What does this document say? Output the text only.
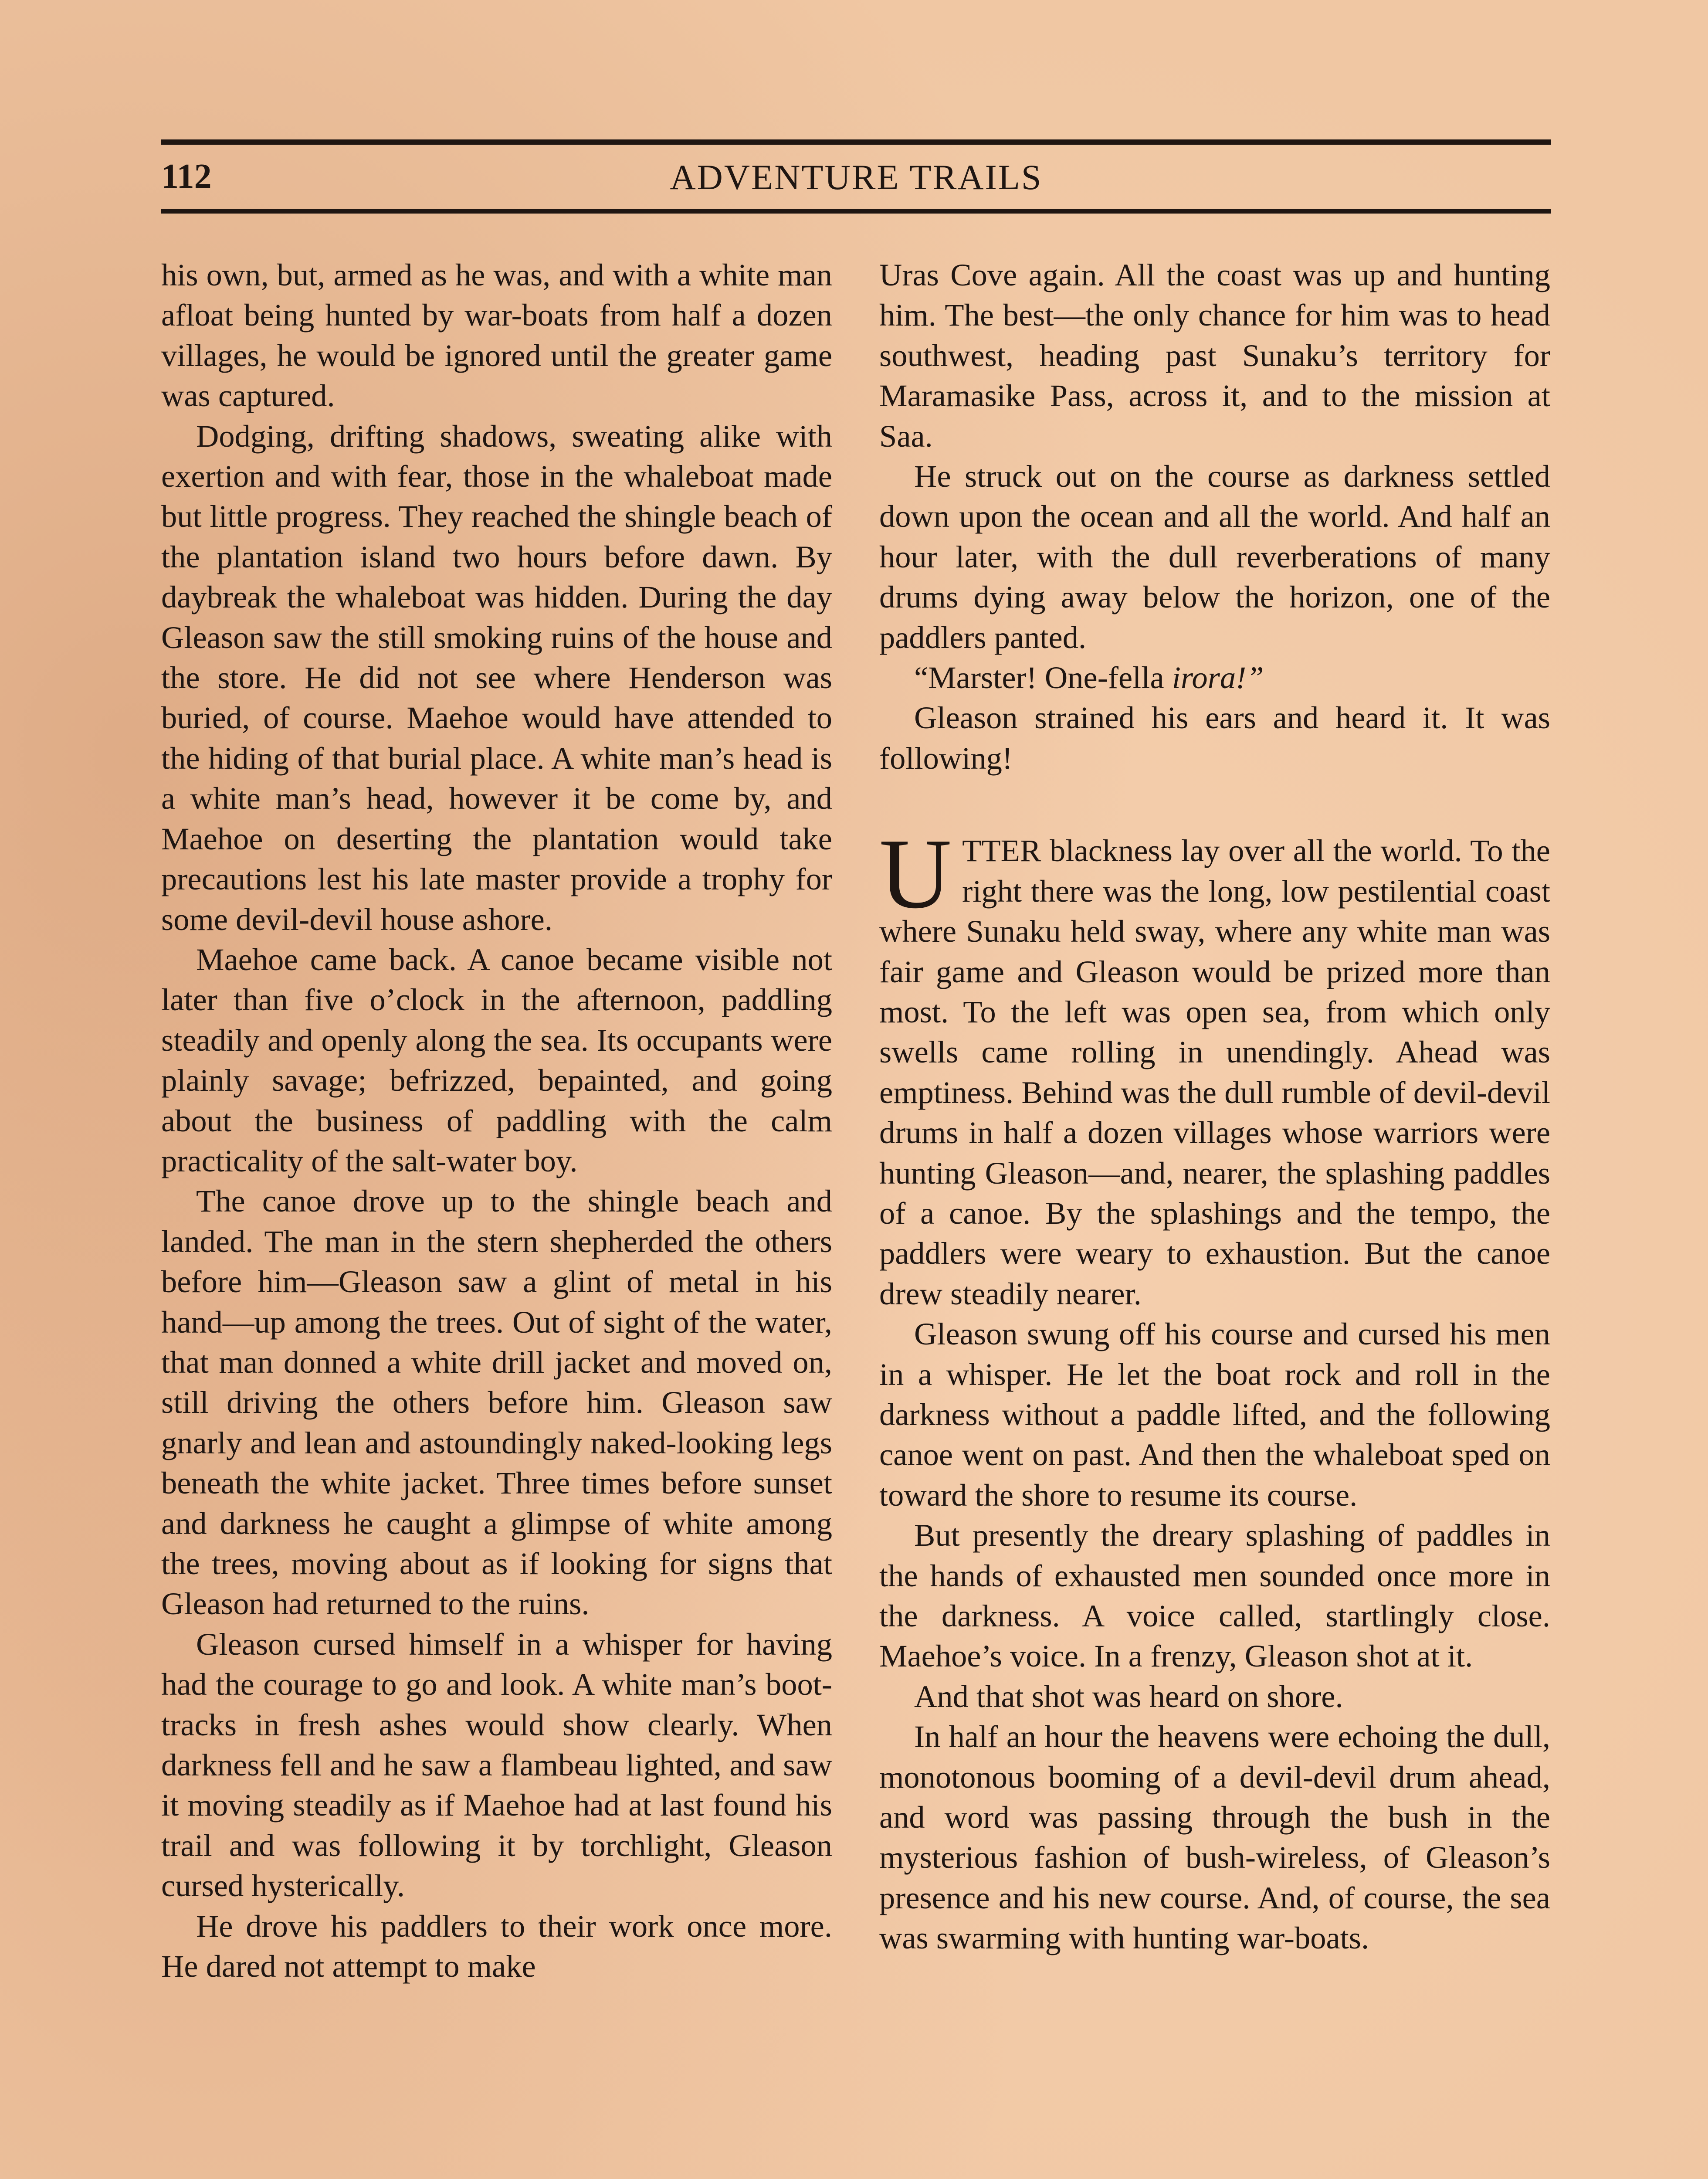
112	ADVENTURE TRAILS

his own, but, armed as he was, and with a white man afloat being hunted by war-boats from half a dozen villages, he would be ignored until the greater game was captured.

Dodging, drifting shadows, sweating alike with exertion and with fear, those in the whaleboat made but little progress. They reached the shingle beach of the plantation island two hours before dawn. By daybreak the whaleboat was hidden. During the day Gleason saw the still smoking ruins of the house and the store. He did not see where Henderson was buried, of course. Maehoe would have attended to the hiding of that burial place. A white man’s head is a white man’s head, however it be come by, and Maehoe on deserting the plantation would take precautions lest his late master provide a trophy for some devil-devil house ashore.

Maehoe came back. A canoe became visible not later than five o’clock in the afternoon, paddling steadily and openly along the sea. Its occupants were plainly savage; befrizzed, bepainted, and going about the business of paddling with the calm practicality of the salt-water boy.

The canoe drove up to the shingle beach and landed. The man in the stern shepherded the others before him—Gleason saw a glint of metal in his hand—up among the trees. Out of sight of the water, that man donned a white drill jacket and moved on, still driving the others before him. Gleason saw gnarly and lean and astoundingly naked-looking legs beneath the white jacket. Three times before sunset and darkness he caught a glimpse of white among the trees, moving about as if looking for signs that Gleason had returned to the ruins.

Gleason cursed himself in a whisper for having had the courage to go and look. A white man’s boot-tracks in fresh ashes would show clearly. When darkness fell and he saw a flambeau lighted, and saw it moving steadily as if Maehoe had at last found his trail and was following it by torchlight, Gleason cursed hysterically.

He drove his paddlers to their work once more. He dared not attempt to make

Uras Cove again. All the coast was up and hunting him. The best—the only chance for him was to head southwest, heading past Sunaku’s territory for Maramasike Pass, across it, and to the mission at Saa.

He struck out on the course as darkness settled down upon the ocean and all the world. And half an hour later, with the dull reverberations of many drums dying away below the horizon, one of the paddlers panted.

“Marster! One-fella irora!”

Gleason strained his ears and heard it. It was following!

UTTER blackness lay over all the world. To the right there was the long, low pestilential coast where Sunaku held sway, where any white man was fair game and Gleason would be prized more than most. To the left was open sea, from which only swells came rolling in unendingly. Ahead was emptiness. Behind was the dull rumble of devil-devil drums in half a dozen villages whose warriors were hunting Gleason—and, nearer, the splashing paddles of a canoe. By the splashings and the tempo, the paddlers were weary to exhaustion. But the canoe drew steadily nearer.

Gleason swung off his course and cursed his men in a whisper. He let the boat rock and roll in the darkness without a paddle lifted, and the following canoe went on past. And then the whaleboat sped on toward the shore to resume its course.

But presently the dreary splashing of paddles in the hands of exhausted men sounded once more in the darkness. A voice called, startlingly close. Maehoe’s voice. In a frenzy, Gleason shot at it.

And that shot was heard on shore.

In half an hour the heavens were echoing the dull, monotonous booming of a devil-devil drum ahead, and word was passing through the bush in the mysterious fashion of bush-wireless, of Gleason’s presence and his new course. And, of course, the sea was swarming with hunting war-boats.
